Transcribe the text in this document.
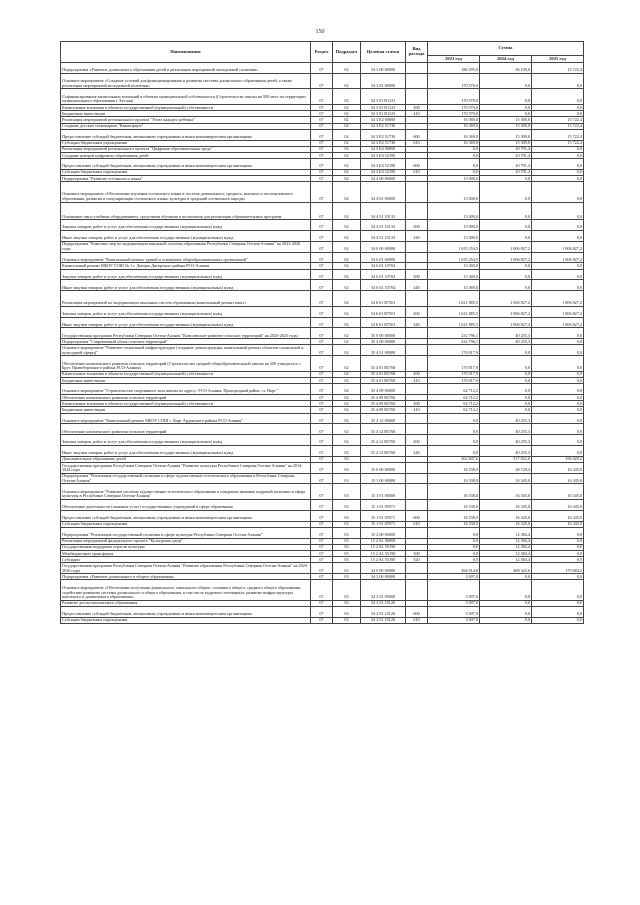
150
Наименование	Раздел	Подраздел	Целевая статья	Вид расхода	Сумма		
					2023 год	2024 год	2025 год
Подпрограмма «Развитие дошкольного образования детей и реализация мероприятий молодежной политики»	07	02	34 3 00 00000		186 595,0	36 109,0	15 722,4
Основное мероприятие «Создание условий для функционирования и развития системы дошкольного образования детей, а также реализация мероприятий молодежной политики»	07	02	34 3 01 00000		170 570,0	0,0	0,0
Софинансирование капитальных вложений в объекты муниципальной собственности (Строительство школы на 500 мест по территории муниципального образования г. Беслан)	07	02	34 3 01 R1123		170 570,0	0,0	0,0
Капитальные вложения в объекты государственной (муниципальной) собственности	07	02	34 3 01 R1123	400	170 570,0	0,0	0,0
Бюджетные инвестиции	07	02	34 3 01 R1123	410	170 570,0	0,0	0,0
Реализация мероприятий регионального проекта "Успех каждого ребенка"	07	02	34 3 Е2 00000		16 369,0	15 309,0	15 722,4
Создание детских технопарков "Кванториум"	07	02	34 3 Е2 51730		16 369,0	15 309,0	15 722,4
Предоставление субсидий бюджетным, автономным учреждениям и иным некоммерческим организациям	07	02	34 3 Е2 51730	600	16 369,0	15 309,0	15 722,4
Субсидии бюджетным учреждениям	07	02	34 3 Е2 51730	610	16 369,0	15 309,0	15 722,4
Реализация мероприятий регионального проекта "Цифровая образовательная среда"	07	02	34 3 Е4 00000		0,0	20 791,4	0,0
Создание центров цифрового образования детей	07	02	34 3 Е4 52190		0,0	20 791,4	0,0
Предоставление субсидий бюджетным, автономным учреждениям и иным некоммерческим организациям	07	02	34 3 Е4 52190	600	0,0	20 791,4	0,0
Субсидии бюджетным учреждениям	07	02	34 3 Е4 52190	610	0,0	20 791,4	0,0
Подпрограмма "Развитие осетинского языка"	07	02	34 4 00 00000		13 000,0	0,0	0,0
Основное мероприятие «Обеспечение изучения осетинского языка в системе дошкольного, среднего, высшего и послевузовского образования, развития и популяризации осетинского языка, культуры и традиций осетинского народа»	07	02	34 4 01 00000		13 000,0	0,0	0,0
Оснащение школ учебным оборудованием, средствами обучения и воспитания для реализации образовательных программ	07	02	34 4 01 10133		13 000,0	0,0	0,0
Закупка товаров, работ и услуг для обеспечения государственных (муниципальных) нужд	07	02	34 4 01 10133	200	13 000,0	0,0	0,0
Иные закупки товаров, работ и услуг для обеспечения государственных (муниципальных) нужд	07	02	34 4 01 10133	240	13 000,0	0,0	0,0
Подпрограмма "Комплекс мер по модернизации школьной системы образования Республики Северная Осетия-Алания" на 2022-2026 годы	07	02	34 6 00 00000		1 635 254,5	1 006 827,2	1 006 827,2
Основное мероприятие "Капитальный ремонт зданий и оснащение общеобразовательных организаций"	07	02	34 6 01 00000		1 635 254,5	1 006 827,2	1 006 827,2
Капитальный ремонт МБОУ СОШ № 1 г. Дигоры Дигорского района РСО-Алания	07	02	34 6 01 10704		13 369,0	0,0	0,0
Закупка товаров, работ и услуг для обеспечения государственных (муниципальных) нужд	07	02	34 6 01 10704	200	13 369,0	0,0	0,0
Иные закупки товаров, работ и услуг для обеспечения государственных (муниципальных) нужд	07	02	34 6 01 10704	240	13 369,0	0,0	0,0
Реализация мероприятий по модернизации школьных систем образования (капитальный ремонт школ)	07	02	34 6 01 R7501		1 621 885,5	1 006 827,2	1 006 827,2
Закупка товаров, работ и услуг для обеспечения государственных (муниципальных) нужд	07	02	34 6 01 R7501	200	1 621 885,5	1 006 827,2	1 006 827,2
Иные закупки товаров, работ и услуг для обеспечения государственных (муниципальных) нужд	07	02	34 6 01 R7501	240	1 621 885,5	1 006 827,2	1 006 827,2
Государственная программа Республики Северная Осетия-Алания "Комплексное развитие сельских территорий" на 2020-2025 годы	07	02	35 0 00 00000		232 796,1	40 255,3	0,0
Подпрограмма "Современный облик сельских территорий"	07	02	35 4 00 00000		232 796,1	40 255,3	0,0
Основное мероприятие "Развитие социальной инфраструктуры (создание, реконструкция, капитальный ремонт объектов социальной и культурной сферы)"	07	02	35 4 01 00000		170 017,9	0,0	0,0
Обеспечение комплексного развития сельских территорий (Строительство средней общеобразовательной школы на 200 учащихся в с. Брут, Правобережного района РСО-Алания)	07	02	35 4 01 R5768		170 017,9	0,0	0,0
Капитальные вложения в объекты государственной (муниципальной) собственности	07	02	35 4 01 R5768	400	170 017,9	0,0	0,0
Бюджетные инвестиции	07	02	35 4 01 R5768	410	170 017,9	0,0	0,0
Основное мероприятие "Строительство спортивного зала школы по адресу: РСО-Алания, Пригородный район, ст. Нарт"	07	02	35 4 09 00000		62 712,2	0,0	0,0
Обеспечение комплексного развития сельских территорий	07	02	35 4 09 R5760		62 712,2	0,0	0,0
Капитальные вложения в объекты государственной (муниципальной) собственности	07	02	35 4 09 R5760	400	62 712,2	0,0	0,0
Бюджетные инвестиции	07	02	35 4 09 R5760	410	62 712,2	0,0	0,0
Основное мероприятие "Капитальный ремонт МБОУ СОШ с. Карт Ардонского района РСО-Алания"	07	02	35 4 12 00000		0,0	40 255,3	0,0
Обеспечение комплексного развития сельских территорий	07	02	35 4 12 R5760		0,0	40 255,3	0,0
Закупка товаров, работ и услуг для обеспечения государственных (муниципальных) нужд	07	02	35 4 12 R5760	200	0,0	40 255,3	0,0
Иные закупки товаров, работ и услуг для обеспечения государственных (муниципальных) нужд	07	02	35 4 12 R5760	240	0,0	40 255,3	0,0
Дополнительное образование детей	07	03			362 847,6	517 052,0	196 029,2
Государственная программа Республики Северная Осетия-Алания "Развитие культуры Республики Северная Осетия-Алания" на 2014-2024 годы	07	03	15 0 00 00000		16 538,0	28 729,4	16 345,0
Подпрограмма "Реализация государственной политики в сфере художественно-эстетического образования в Республике Северная Осетия-Алания"	07	03	15 1 00 00000		16 538,0	16 345,0	16 345,0
Основное мероприятие "Развитие системы художественно-эстетического образования и совершенствование кадровой политики в сфере культуры в Республике Северная Осетия-Алания"	07	03	15 1 01 00000		16 538,0	16 345,0	16 345,0
Обеспечение деятельности (оказание услуг) государственных учреждений в сфере образования	07	03	15 1 01 05971		16 538,0	16 345,0	16 345,0
Предоставление субсидий бюджетным, автономным учреждениям и иным некоммерческим организациям	07	03	15 1 01 05971	600	16 538,0	16 345,0	16 345,0
Субсидии бюджетным учреждениям	07	03	15 1 01 05971	610	16 538,0	16 345,0	16 345,0
Подпрограмма "Реализация государственной политики в сфере культуры Республики Северная Осетия-Алания"	07	03	15 2 00 00000		0,0	12 384,4	0,0
Реализация мероприятий федерального проекта "Культурная среда"	07	03	15 2 A1 00000		0,0	12 384,4	0,0
Государственная поддержка отрасли культуры	07	03	15 2 A1 55190		0,0	12 384,4	0,0
Межбюджетные трансферты	07	03	15 2 A1 55190	500	0,0	12 384,4	0,0
Субсидии	07	03	15 2 A1 55190	520	0,0	12 384,4	0,0
Государственная программа Республики Северная Осетия-Алания "Развитие образования Республики Северная Осетия-Алания" на 2020-2026 годы	07	03	34 0 00 00000		294 014,8	488 322,6	179 684,2
Подпрограмма «Развитие дошкольного и общего образования»	07	03	34 2 00 00000		3 007,0	0,0	0,0
Основное мероприятие «Обеспечение получения дошкольного, начального общего, основного общего, среднего общего образования, содействие развитию системы дошкольного и общего образования, в том числе кадрового потенциала, развитие инфраструктуры школьного и дошкольного образования»	07	03	34 2 01 00000		3 007,0	0,0	0,0
Развитие детско-юношеского образования	07	03	34 2 01 10126		3 007,0	0,0	0,0
Предоставление субсидий бюджетным, автономным учреждениям и иным некоммерческим организациям	07	03	34 2 01 10126	600	3 007,0	0,0	0,0
Субсидии бюджетным учреждениям	07	03	34 2 01 10126	610	3 007,0	0,0	0,0
